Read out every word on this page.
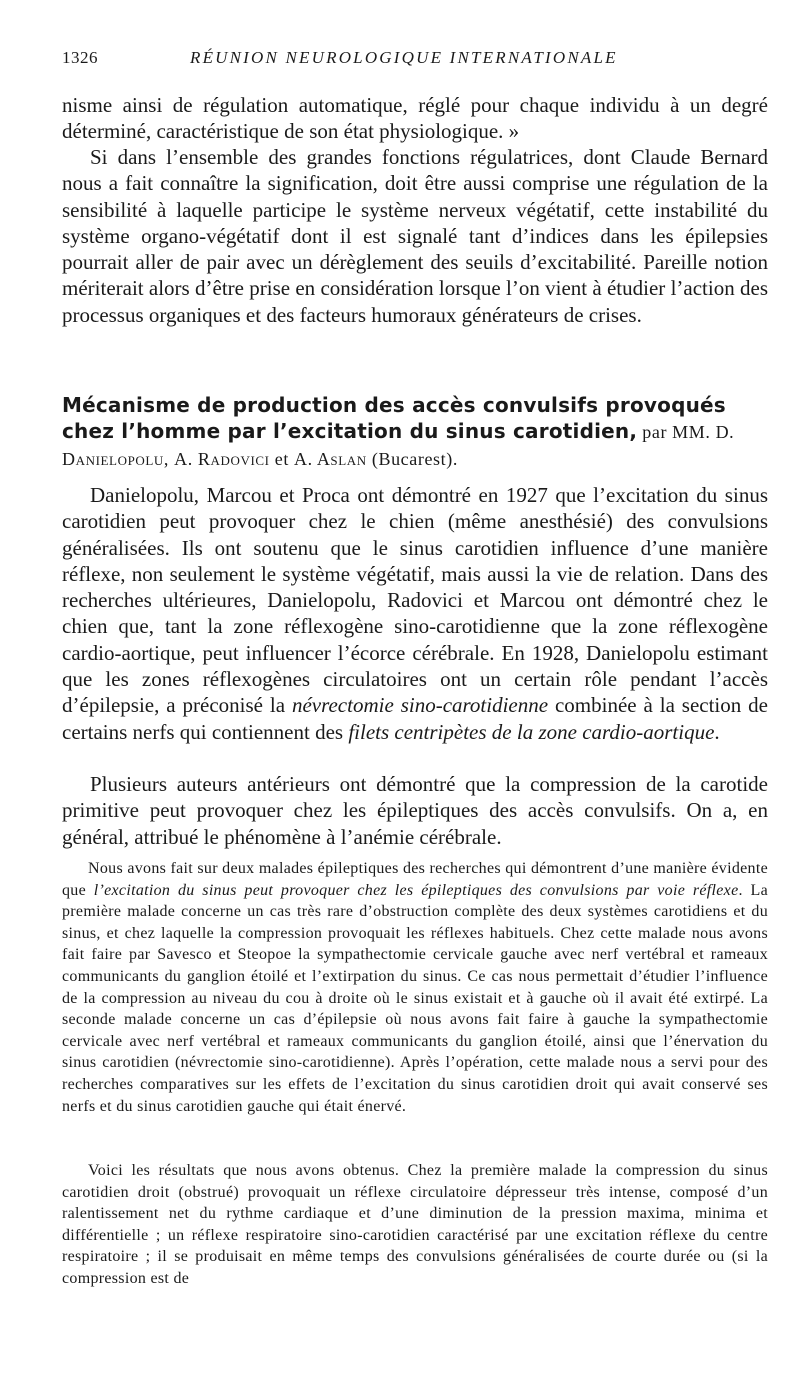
1326	RÉUNION NEUROLOGIQUE INTERNATIONALE

nisme ainsi de régulation automatique, réglé pour chaque individu à un degré déterminé, caractéristique de son état physiologique. »

Si dans l’ensemble des grandes fonctions régulatrices, dont Claude Bernard nous a fait connaître la signification, doit être aussi comprise une régulation de la sensibilité à laquelle participe le système nerveux végétatif, cette instabilité du système organo-végétatif dont il est signalé tant d’indices dans les épilepsies pourrait aller de pair avec un dérèglement des seuils d’excitabilité. Pareille notion mériterait alors d’être prise en considération lorsque l’on vient à étudier l’action des processus organiques et des facteurs humoraux générateurs de crises.

Mécanisme de production des accès convulsifs provoqués chez l’homme par l’excitation du sinus carotidien, par MM. D. Danielopolu, A. Radovici et A. Aslan (Bucarest).

Danielopolu, Marcou et Proca ont démontré en 1927 que l’excitation du sinus carotidien peut provoquer chez le chien (même anesthésié) des convulsions généralisées. Ils ont soutenu que le sinus carotidien influence d’une manière réflexe, non seulement le système végétatif, mais aussi la vie de relation. Dans des recherches ultérieures, Danielopolu, Radovici et Marcou ont démontré chez le chien que, tant la zone réflexogène sino-carotidienne que la zone réflexogène cardio-aortique, peut influencer l’écorce cérébrale. En 1928, Danielopolu estimant que les zones réflexogènes circulatoires ont un certain rôle pendant l’accès d’épilepsie, a préconisé la névrectomie sino-carotidienne combinée à la section de certains nerfs qui contiennent des filets centripètes de la zone cardio-aortique.

Plusieurs auteurs antérieurs ont démontré que la compression de la carotide primitive peut provoquer chez les épileptiques des accès convulsifs. On a, en général, attribué le phénomène à l’anémie cérébrale.

Nous avons fait sur deux malades épileptiques des recherches qui démontrent d’une manière évidente que l’excitation du sinus peut provoquer chez les épileptiques des convulsions par voie réflexe. La première malade concerne un cas très rare d’obstruction complète des deux systèmes carotidiens et du sinus, et chez laquelle la compression provoquait les réflexes habituels. Chez cette malade nous avons fait faire par Savesco et Steopoe la sympathectomie cervicale gauche avec nerf vertébral et rameaux communicants du ganglion étoilé et l’extirpation du sinus. Ce cas nous permettait d’étudier l’influence de la compression au niveau du cou à droite où le sinus existait et à gauche où il avait été extirpé. La seconde malade concerne un cas d’épilepsie où nous avons fait faire à gauche la sympathectomie cervicale avec nerf vertébral et rameaux communicants du ganglion étoilé, ainsi que l’énervation du sinus carotidien (névrectomie sino-carotidienne). Après l’opération, cette malade nous a servi pour des recherches comparatives sur les effets de l’excitation du sinus carotidien droit qui avait conservé ses nerfs et du sinus carotidien gauche qui était énervé.

Voici les résultats que nous avons obtenus. Chez la première malade la compression du sinus carotidien droit (obstrué) provoquait un réflexe circulatoire dépresseur très intense, composé d’un ralentissement net du rythme cardiaque et d’une diminution de la pression maxima, minima et différentielle ; un réflexe respiratoire sino-carotidien caractérisé par une excitation réflexe du centre respiratoire ; il se produisait en même temps des convulsions généralisées de courte durée ou (si la compression est de
